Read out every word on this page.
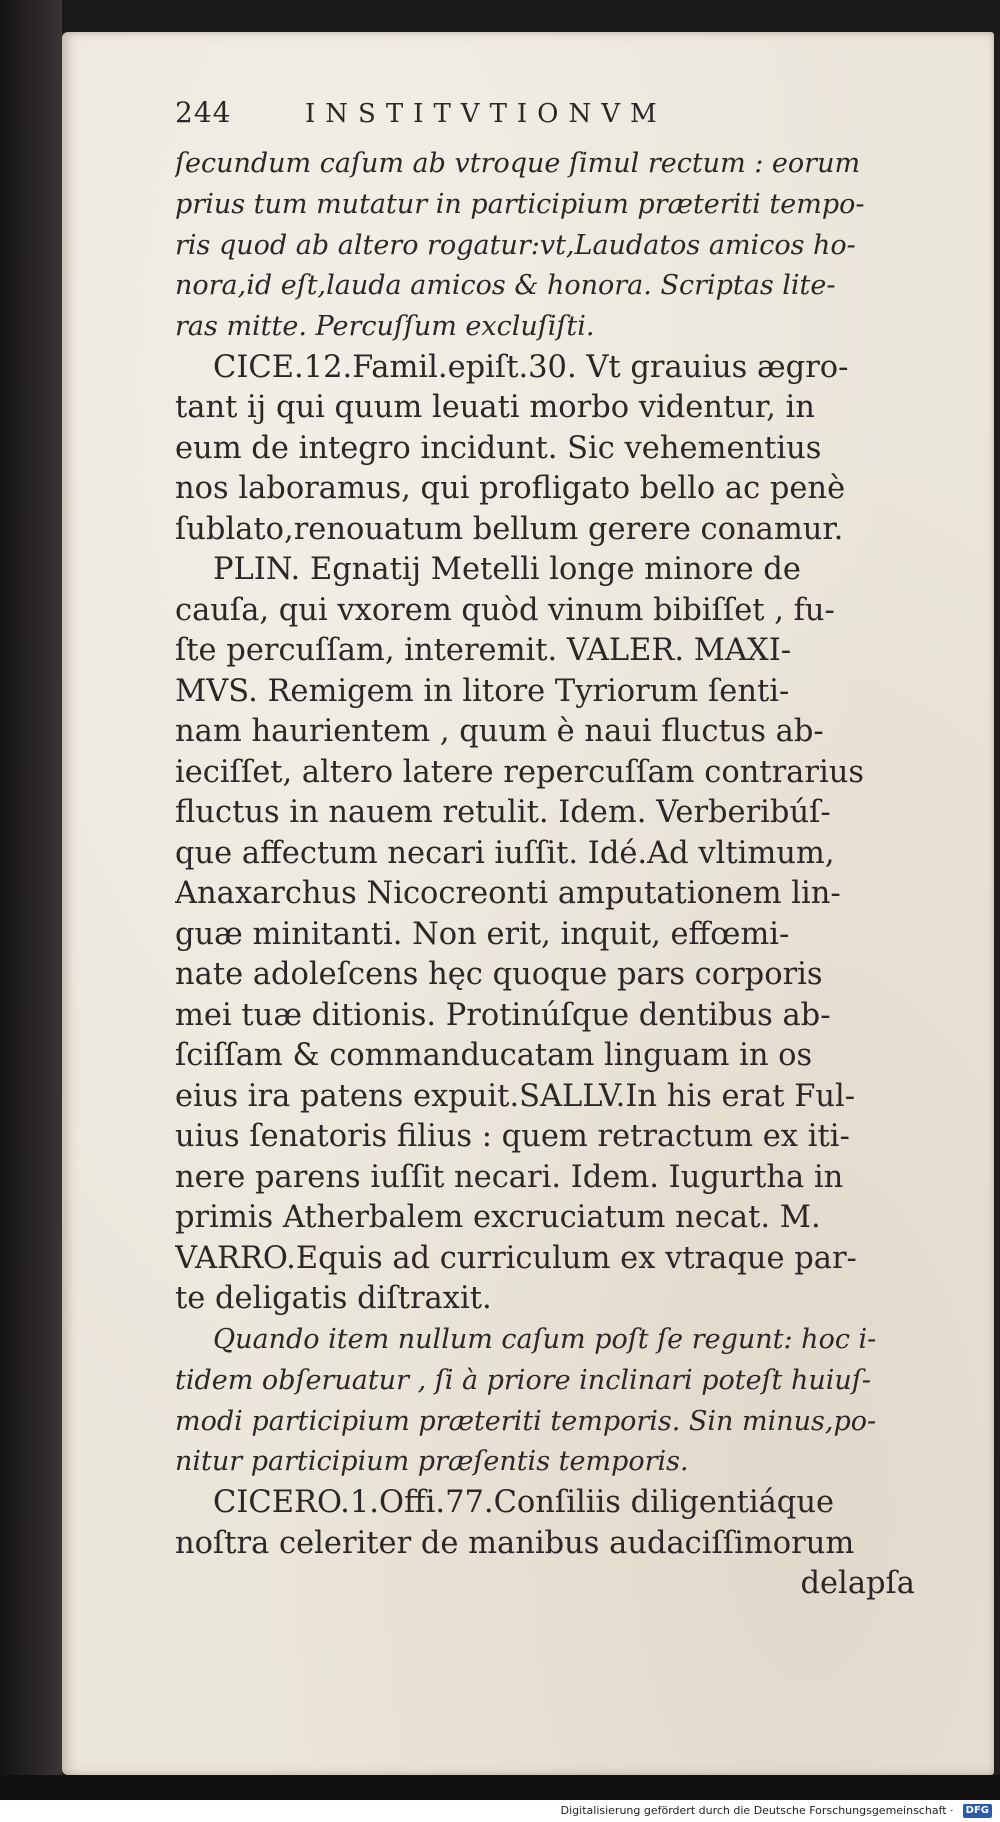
244	INSTITVTIONVM
ſecundum caſum ab vtroque ſimul rectum : eorum
prius tum mutatur in participium præteriti tempo-
ris quod ab altero rogatur:vt,Laudatos amicos ho-
nora,id eſt,lauda amicos & honora. Scriptas lite-
ras mitte. Percuſſum excluſiſti.
CICE.12.Famil.epiſt.30. Vt grauius ægro-
tant ij qui quum leuati morbo videntur, in
eum de integro incidunt. Sic vehementius
nos laboramus, qui profligato bello ac penè
ſublato,renouatum bellum gerere conamur.
PLIN. Egnatij Metelli longe minore de
cauſa, qui vxorem quòd vinum bibiſſet , fu-
ſte percuſſam, interemit. VALER. MAXI-
MVS. Remigem in litore Tyriorum ſenti-
nam haurientem , quum è naui fluctus ab-
ieciſſet, altero latere repercuſſam contrarius
fluctus in nauem retulit. Idem. Verberibúſ-
que affectum necari iuſſit. Idé.Ad vltimum,
Anaxarchus Nicocreonti amputationem lin-
guæ minitanti. Non erit, inquit, effœmi-
nate adoleſcens hęc quoque pars corporis
mei tuæ ditionis. Protinúſque dentibus ab-
ſciſſam & commanducatam linguam in os
eius ira patens expuit.SALLV.In his erat Ful-
uius ſenatoris filius : quem retractum ex iti-
nere parens iuſſit necari. Idem. Iugurtha in
primis Atherbalem excruciatum necat. M.
VARRO.Equis ad curriculum ex vtraque par-
te deligatis diſtraxit.
Quando item nullum caſum poſt ſe regunt: hoc i-
tidem obſeruatur , ſi à priore inclinari poteſt huiuſ-
modi participium præteriti temporis. Sin minus,po-
nitur participium præſentis temporis.
CICERO.1.Offi.77.Conſiliis diligentiáque
noſtra celeriter de manibus audaciſſimorum
delapſa
Digitalisierung gefördert durch die Deutsche Forschungsgemeinschaft · DFG
